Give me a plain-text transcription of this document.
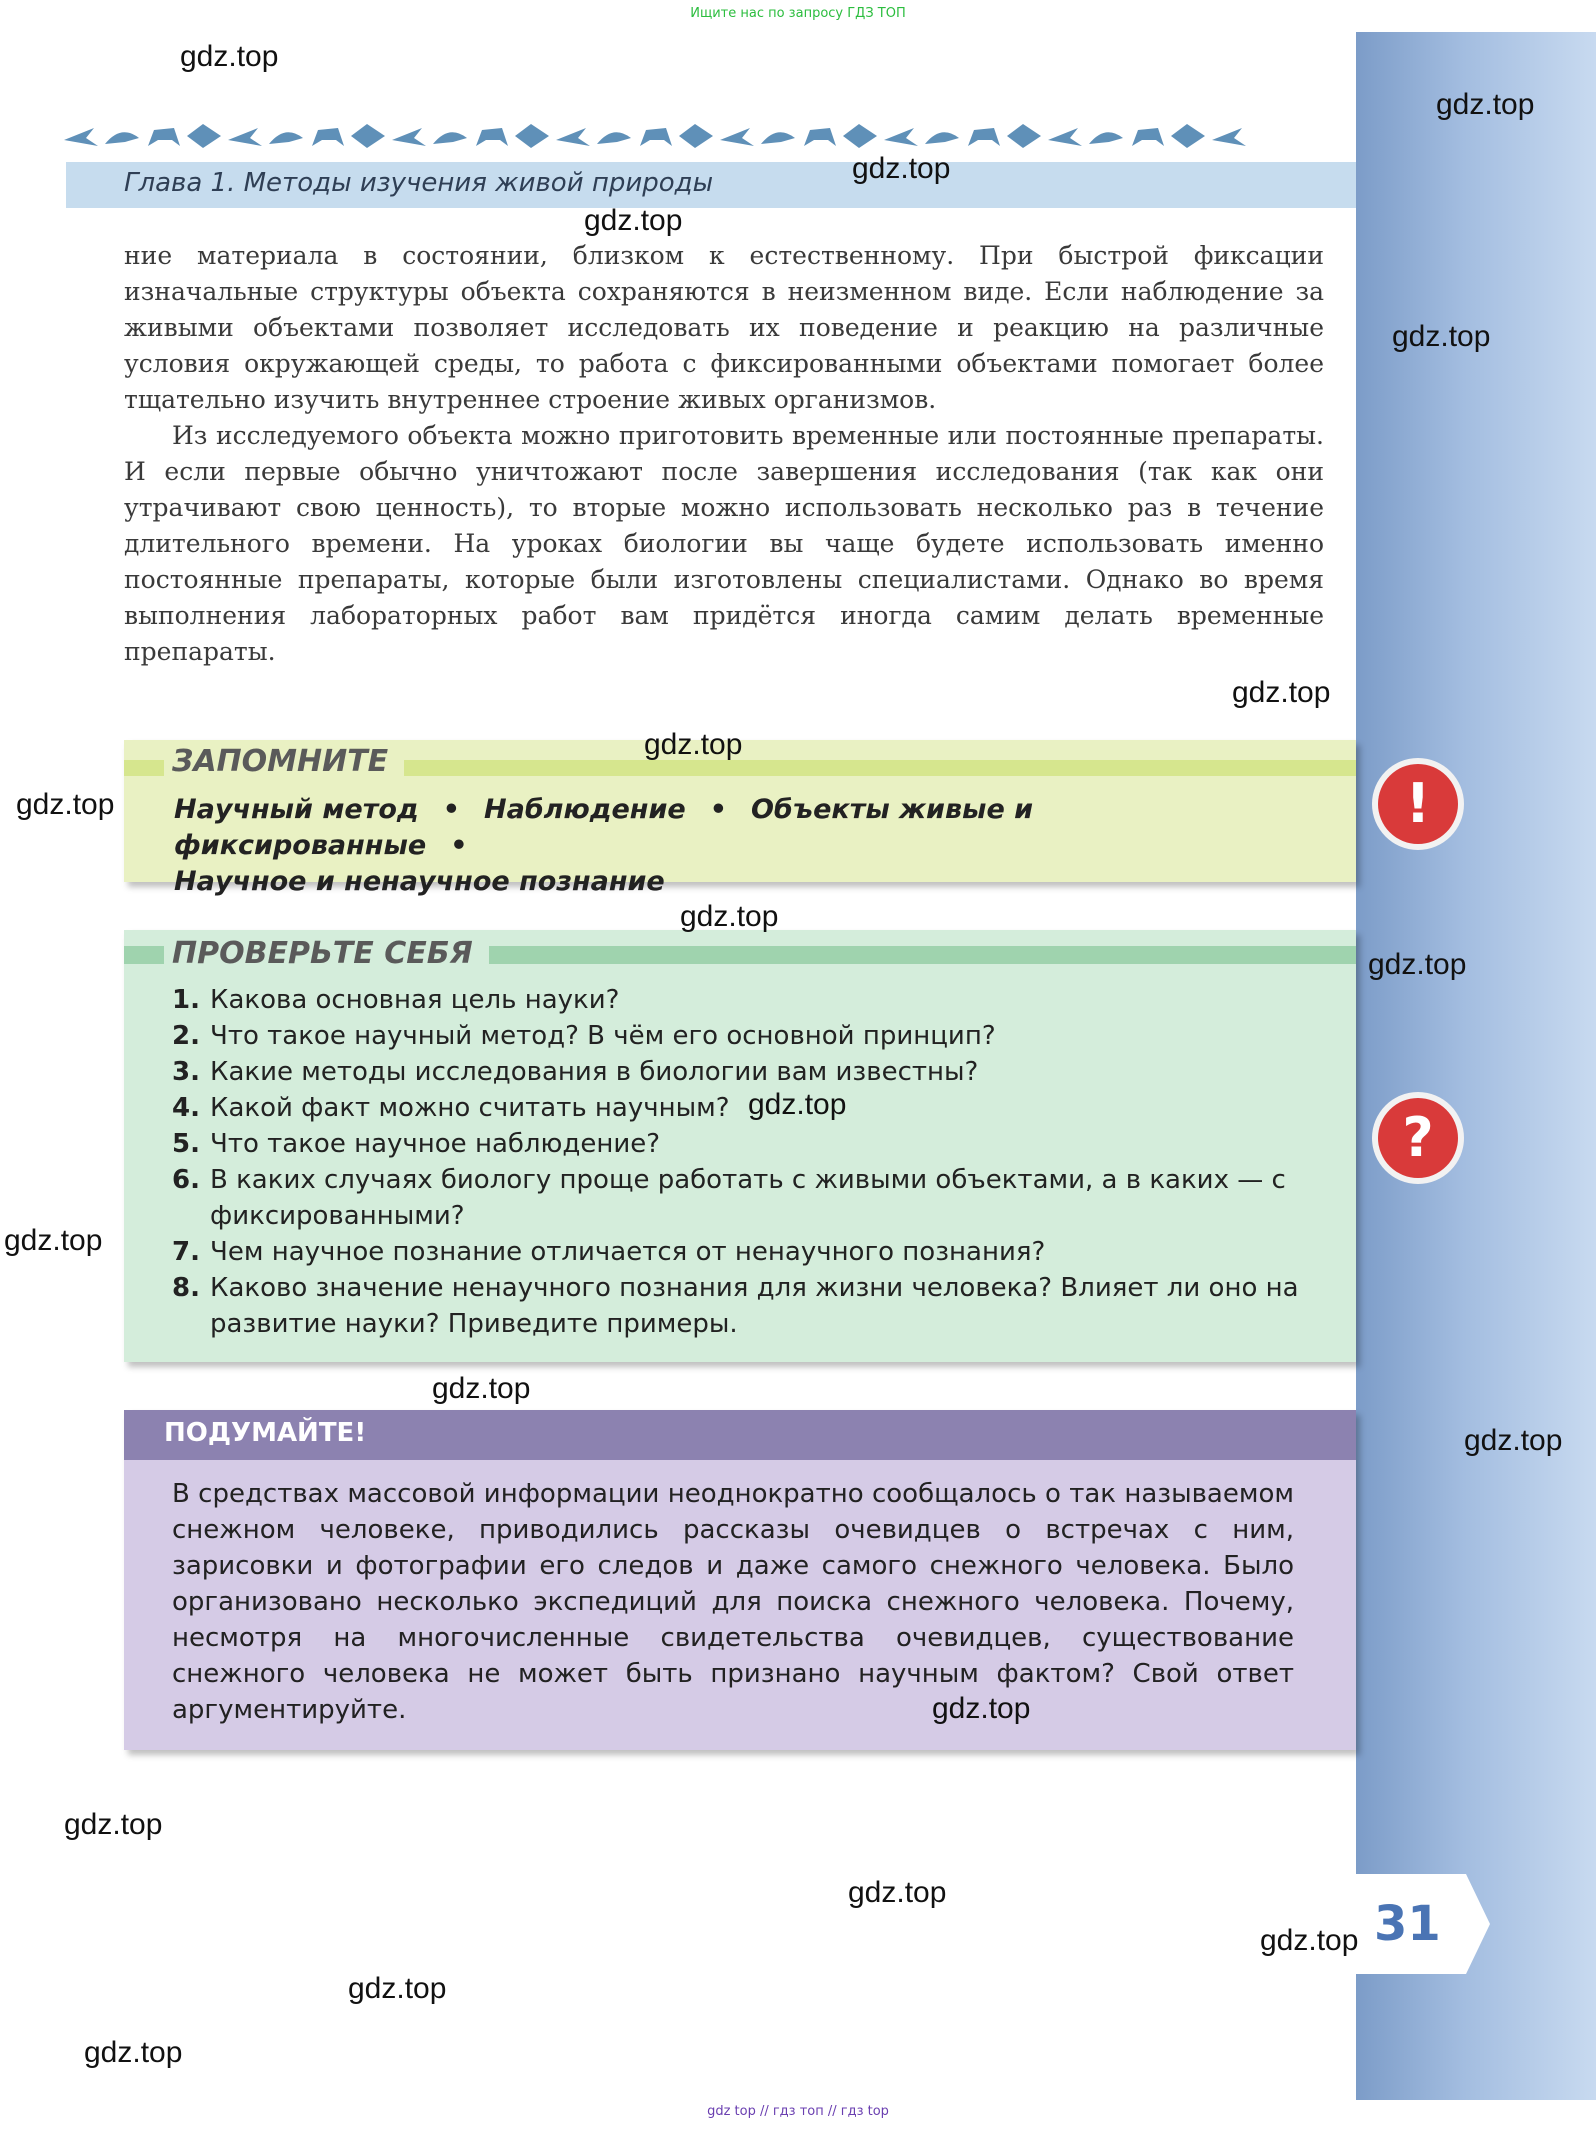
Ищите нас по запросу ГДЗ ТОП
31
Глава 1. Методы изучения живой природы

ние материала в состоянии, близком к естественному. При быстрой фиксации изначальные структуры объекта сохраняются в неизменном виде. Если наблюдение за живыми объектами позволяет исследовать их поведение и реакцию на различные условия окружающей среды, то работа с фиксированными объектами помогает более тщательно изучить внутреннее строение живых организмов.

Из исследуемого объекта можно приготовить временные или постоянные препараты. И если первые обычно уничтожают после завершения исследования (так как они утрачивают свою ценность), то вторые можно использовать несколько раз в течение длительного времени. На уроках биологии вы чаще будете использовать именно постоянные препараты, которые были изготовлены специалистами. Однако во время выполнения лабораторных работ вам придётся иногда самим делать временные препараты.

ЗАПОМНИТЕ
Научный метод • Наблюдение • Объекты живые и фиксированные •
Научное и ненаучное познание
!
ПРОВЕРЬТЕ СЕБЯ
1. Какова основная цель науки?
2. Что такое научный метод? В чём его основной принцип?
3. Какие методы исследования в биологии вам известны?
4. Какой факт можно считать научным?
5. Что такое научное наблюдение?
6. В каких случаях биологу проще работать с живыми объектами, а в каких — с фиксированными?
7. Чем научное познание отличается от ненаучного познания?
8. Каково значение ненаучного познания для жизни человека? Влияет ли оно на развитие науки? Приведите примеры.
?
ПОДУМАЙТЕ!

В средствах массовой информации неоднократно сообщалось о так называемом снежном человеке, приводились рассказы очевидцев о встречах с ним, зарисовки и фотографии его следов и даже самого снежного человека. Было организовано несколько экспедиций для поиска снежного человека. Почему, несмотря на многочисленные свидетельства очевидцев, существование снежного человека не может быть признано научным фактом? Свой ответ аргументируйте.

gdz.top
gdz.top
gdz.top
gdz.top
gdz.top
gdz.top
gdz.top
gdz.top
gdz.top
gdz.top
gdz.top
gdz.top
gdz.top
gdz.top
gdz.top
gdz.top
gdz.top
gdz.top
gdz.top
gdz.top
gdz top // гдз топ // гдз top
